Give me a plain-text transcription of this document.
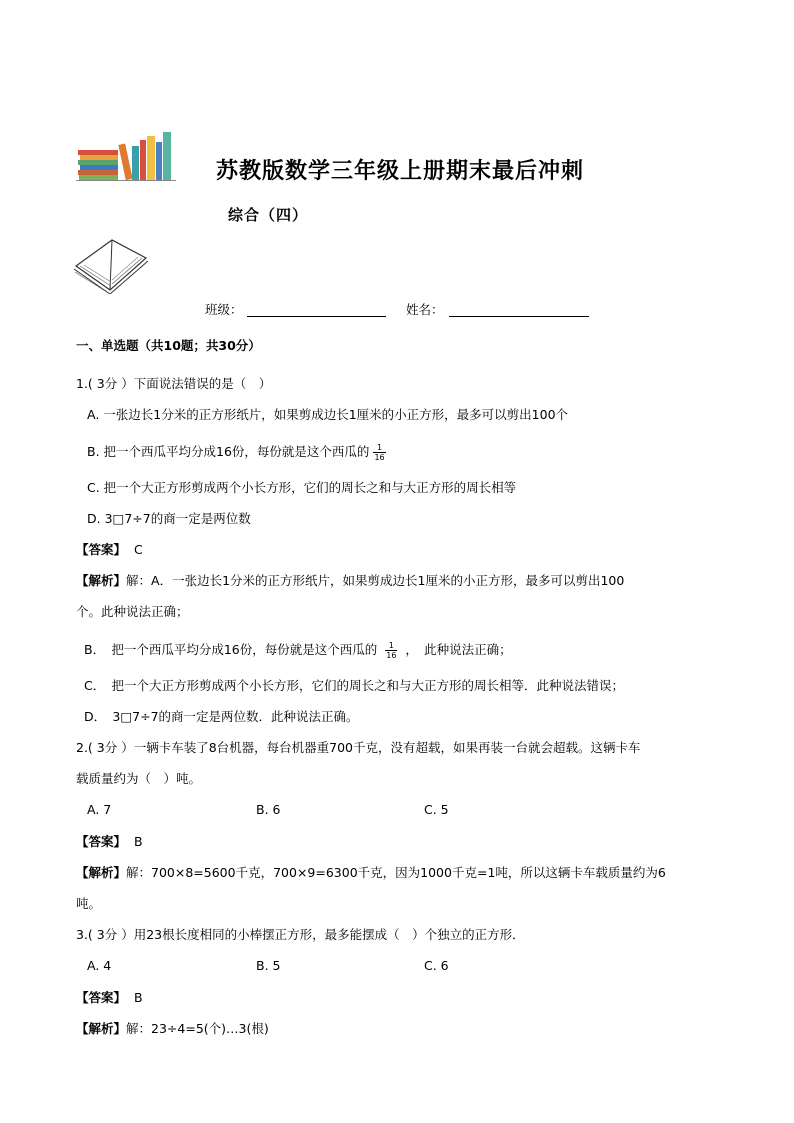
苏教版数学三年级上册期末最后冲刺
综合（四）
班级：	姓名：
一、单选题（共10题；共30分）
1.( 3分 ）下面说法错误的是（　）
A. 一张边长1分米的正方形纸片，如果剪成边长1厘米的小正方形，最多可以剪出100个
B. 把一个西瓜平均分成16份，每份就是这个西瓜的 $\frac{1}{16}$
C. 把一个大正方形剪成两个小长方形，它们的周长之和与大正方形的周长相等
D. 3□7÷7的商一定是两位数
【答案】 C
【解析】解：A．一张边长1分米的正方形纸片，如果剪成边长1厘米的小正方形，最多可以剪出100
个。此种说法正确；
B．　把一个西瓜平均分成16份，每份就是这个西瓜的 $\frac{1}{16}$ ，　此种说法正确；
C．　把一个大正方形剪成两个小长方形，它们的周长之和与大正方形的周长相等．此种说法错误；
D．　3□7÷7的商一定是两位数．此种说法正确。
2.( 3分 ）一辆卡车装了8台机器，每台机器重700千克，没有超载，如果再装一台就会超载。这辆卡车
载质量约为（　）吨。
A. 7	B. 6	C. 5
【答案】 B
【解析】解：700×8=5600千克，700×9=6300千克，因为1000千克=1吨，所以这辆卡车载质量约为6
吨。
3.( 3分 ）用23根长度相同的小棒摆正方形，最多能摆成（　）个独立的正方形．
A. 4	B. 5	C. 6
【答案】 B
【解析】解：23÷4=5(个)…3(根)
